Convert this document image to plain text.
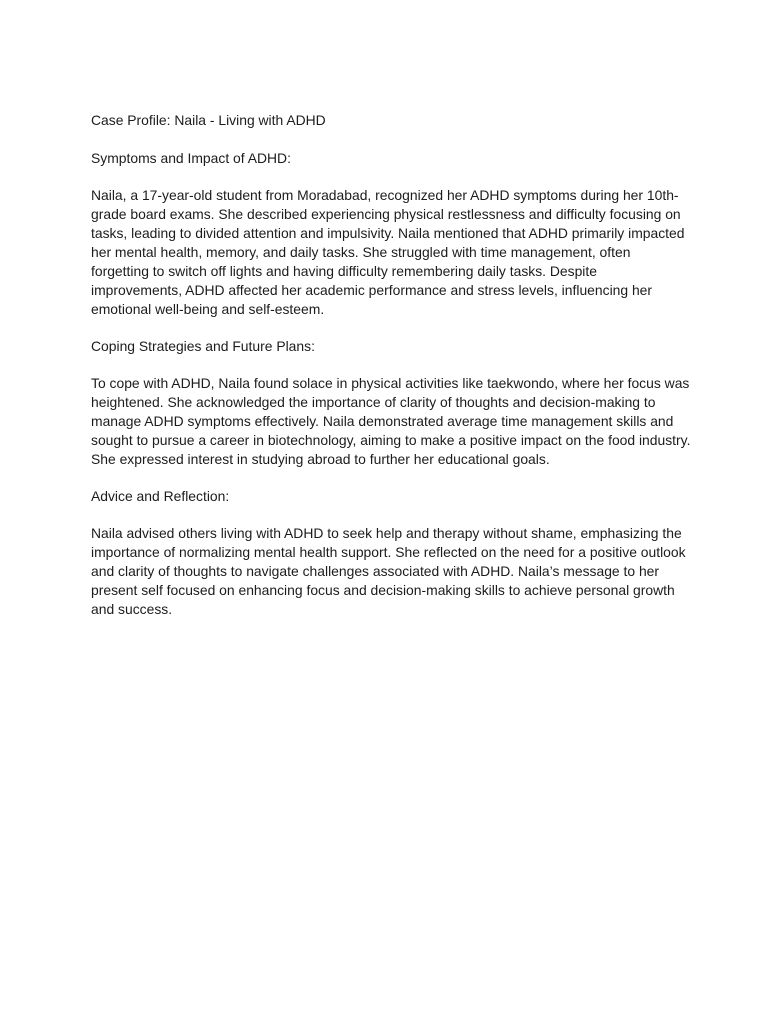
Case Profile: Naila - Living with ADHD

Symptoms and Impact of ADHD:

Naila, a 17-year-old student from Moradabad, recognized her ADHD symptoms during her 10th-grade board exams. She described experiencing physical restlessness and difficulty focusing on tasks, leading to divided attention and impulsivity. Naila mentioned that ADHD primarily impacted her mental health, memory, and daily tasks. She struggled with time management, often forgetting to switch off lights and having difficulty remembering daily tasks. Despite improvements, ADHD affected her academic performance and stress levels, influencing her emotional well-being and self-esteem.

Coping Strategies and Future Plans:

To cope with ADHD, Naila found solace in physical activities like taekwondo, where her focus was heightened. She acknowledged the importance of clarity of thoughts and decision-making to manage ADHD symptoms effectively. Naila demonstrated average time management skills and sought to pursue a career in biotechnology, aiming to make a positive impact on the food industry. She expressed interest in studying abroad to further her educational goals.

Advice and Reflection:

Naila advised others living with ADHD to seek help and therapy without shame, emphasizing the importance of normalizing mental health support. She reflected on the need for a positive outlook and clarity of thoughts to navigate challenges associated with ADHD. Naila’s message to her present self focused on enhancing focus and decision-making skills to achieve personal growth and success.
